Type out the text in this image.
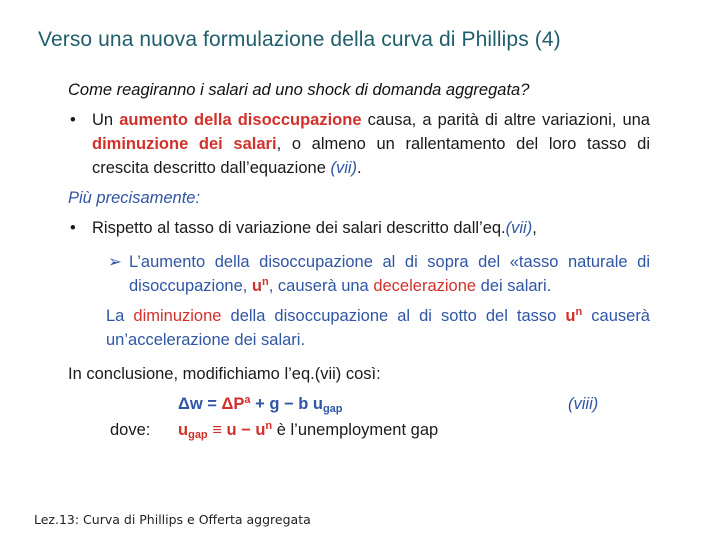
Verso una nuova formulazione della curva di Phillips (4)
Come reagiranno i salari ad uno shock di domanda aggregata?
• Un aumento della disoccupazione causa, a parità di altre variazioni, una diminuzione dei salari, o almeno un rallentamento del loro tasso di crescita descritto dall’equazione (vii).
Più precisamente:
• Rispetto al tasso di variazione dei salari descritto dall’eq.(vii),
➢ L’aumento della disoccupazione al di sopra del «tasso naturale di disoccupazione, $u^n$, causerà una decelerazione dei salari.
La diminuzione della disoccupazione al di sotto del tasso $u^n$ causerà un’accelerazione dei salari.
In conclusione, modifichiamo l’eq.(vii) così:
$\Delta w = \Delta P^a + g - b$ $u_{gap}$	(viii)
dove: $u_{gap} \equiv u - u^n$ è l’unemployment gap
Lez.13: Curva di Phillips e Offerta aggregata
